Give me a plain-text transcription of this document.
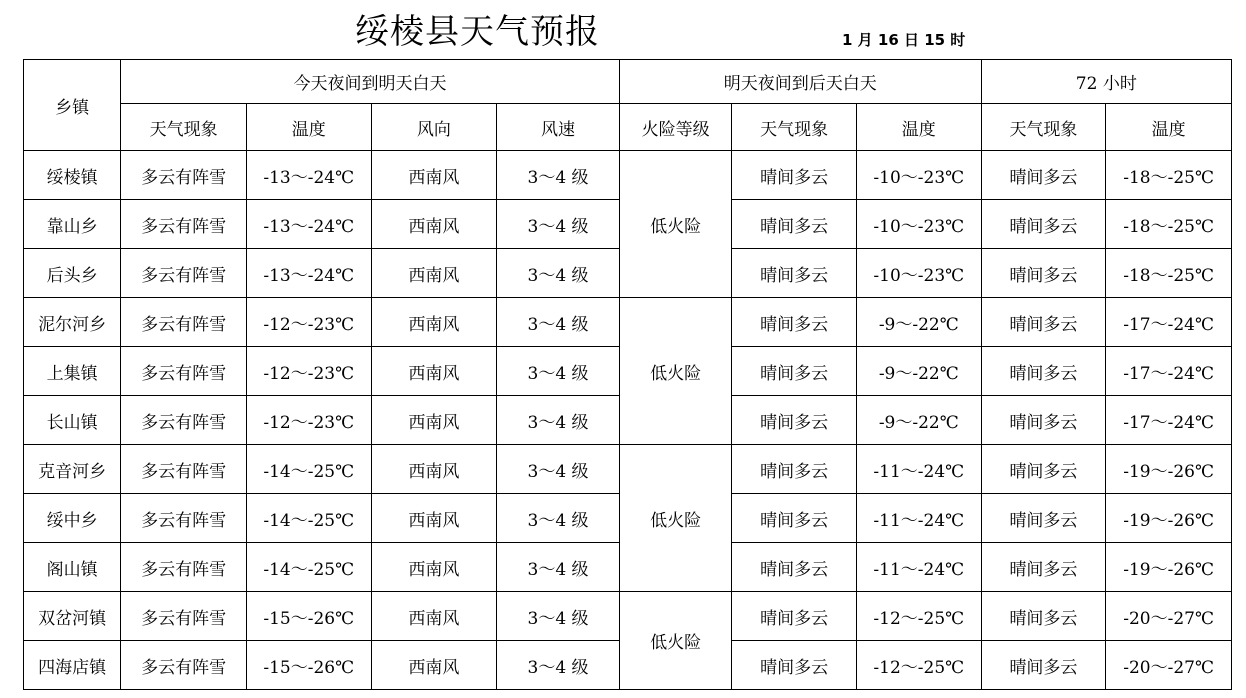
绥棱县天气预报	1 月 16 日 15 时
乡镇	今天夜间到明天白天				明天夜间到后天白天			72 小时	
	天气现象	温度	风向	风速	火险等级	天气现象	温度	天气现象	温度
绥棱镇	多云有阵雪	-13～-24℃	西南风	3～4 级	低火险	晴间多云	-10～-23℃	晴间多云	-18～-25℃
靠山乡	多云有阵雪	-13～-24℃	西南风	3～4 级		晴间多云	-10～-23℃	晴间多云	-18～-25℃
后头乡	多云有阵雪	-13～-24℃	西南风	3～4 级		晴间多云	-10～-23℃	晴间多云	-18～-25℃
泥尔河乡	多云有阵雪	-12～-23℃	西南风	3～4 级	低火险	晴间多云	-9～-22℃	晴间多云	-17～-24℃
上集镇	多云有阵雪	-12～-23℃	西南风	3～4 级		晴间多云	-9～-22℃	晴间多云	-17～-24℃
长山镇	多云有阵雪	-12～-23℃	西南风	3～4 级		晴间多云	-9～-22℃	晴间多云	-17～-24℃
克音河乡	多云有阵雪	-14～-25℃	西南风	3～4 级	低火险	晴间多云	-11～-24℃	晴间多云	-19～-26℃
绥中乡	多云有阵雪	-14～-25℃	西南风	3～4 级		晴间多云	-11～-24℃	晴间多云	-19～-26℃
阁山镇	多云有阵雪	-14～-25℃	西南风	3～4 级		晴间多云	-11～-24℃	晴间多云	-19～-26℃
双岔河镇	多云有阵雪	-15～-26℃	西南风	3～4 级	低火险	晴间多云	-12～-25℃	晴间多云	-20～-27℃
四海店镇	多云有阵雪	-15～-26℃	西南风	3～4 级		晴间多云	-12～-25℃	晴间多云	-20～-27℃
